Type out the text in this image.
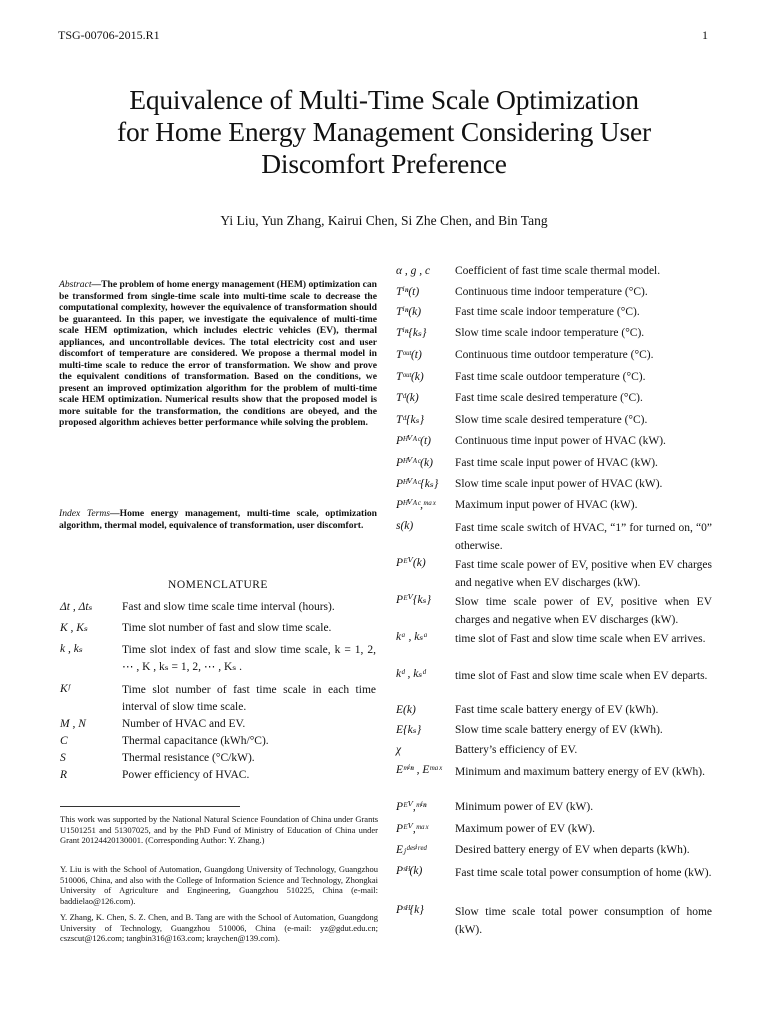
TSG-00706-2015.R1	1
Equivalence of Multi-Time Scale Optimization
for Home Energy Management Considering User
Discomfort Preference
Yi Liu, Yun Zhang, Kairui Chen, Si Zhe Chen, and Bin Tang
Abstract—The problem of home energy management (HEM) optimization can be transformed from single-time scale into multi-time scale to decrease the computational complexity, however the equivalence of transformation should be guaranteed. In this paper, we investigate the equivalence of multi-time scale HEM optimization, which includes electric vehicles (EV), thermal appliances, and uncontrollable devices. The total electricity cost and user discomfort of temperature are considered. We propose a thermal model in multi-time scale to reduce the error of transformation. We show and prove the equivalent conditions of transformation. Based on the conditions, we present an improved optimization algorithm for the problem of multi-time scale HEM optimization. Numerical results show that the proposed model is more suitable for the transformation, the conditions are obeyed, and the proposed algorithm achieves better performance while solving the problem.
Index Terms—Home energy management, multi-time scale, optimization algorithm, thermal model, equivalence of transformation, user discomfort.
NOMENCLATURE
Δt , Δtₛ	Fast and slow time scale time interval (hours).
K , Kₛ	Time slot number of fast and slow time scale.
k , kₛ	Time slot index of fast and slow time scale, k = 1, 2, ⋯ , K , kₛ = 1, 2, ⋯ , Kₛ .
Kᶠ	Time slot number of fast time scale in each time interval of slow time scale.
M , N	Number of HVAC and EV.
C	Thermal capacitance (kWh/°C).
S	Thermal resistance (°C/kW).
R	Power efficiency of HVAC.
This work was supported by the National Natural Science Foundation of China under Grants U1501251 and 51307025, and by the PhD Fund of Ministry of Education of China under Grant 20124420130001. (Corresponding Author: Y. Zhang.)
Y. Liu is with the School of Automation, Guangdong University of Technology, Guangzhou 510006, China, and also with the College of Information Science and Technology, Zhongkai University of Agriculture and Engineering, Guangzhou 510225, China (e-mail: baddielao@126.com).
Y. Zhang, K. Chen, S. Z. Chen, and B. Tang are with the School of Automation, Guangdong University of Technology, Guangzhou 510006, China (e-mail: yz@gdut.edu.cn; cszscut@126.com; tangbin316@163.com; kraychen@139.com).
α , g , c	Coefficient of fast time scale thermal model.
Tⁱⁿ(t)	Continuous time indoor temperature (°C).
Tⁱⁿ(k)	Fast time scale indoor temperature (°C).
Tⁱⁿ{kₛ}	Slow time scale indoor temperature (°C).
Tᵒᵘᵗ(t)	Continuous time outdoor temperature (°C).
Tᵒᵘᵗ(k)	Fast time scale outdoor temperature (°C).
Tᵈ(k)	Fast time scale desired temperature (°C).
Tᵈ{kₛ}	Slow time scale desired temperature (°C).
Pᴴⱽᴬᶜ(t)	Continuous time input power of HVAC (kW).
Pᴴⱽᴬᶜ(k)	Fast time scale input power of HVAC (kW).
Pᴴⱽᴬᶜ{kₛ}	Slow time scale input power of HVAC (kW).
Pᴴⱽᴬᶜ,ᵐᵃˣ	Maximum input power of HVAC (kW).
s(k)	Fast time scale switch of HVAC, “1” for turned on, “0” otherwise.
Pᴱⱽ(k)	Fast time scale power of EV, positive when EV charges and negative when EV discharges (kW).
Pᴱⱽ{kₛ}	Slow time scale power of EV, positive when EV charges and negative when EV discharges (kW).
kᵃ , kₛᵃ	time slot of Fast and slow time scale when EV arrives.
kᵈ , kₛᵈ	time slot of Fast and slow time scale when EV departs.
E(k)	Fast time scale battery energy of EV (kWh).
E{kₛ}	Slow time scale battery energy of EV (kWh).
χ	Battery’s efficiency of EV.
Eᵐⁱⁿ , Eᵐᵃˣ	Minimum and maximum battery energy of EV (kWh).
Pᴱⱽ,ᵐⁱⁿ	Minimum power of EV (kW).
Pᴱⱽ,ᵐᵃˣ	Maximum power of EV (kW).
Eⱼᵈᵉˢⁱʳᵉᵈ	Desired battery energy of EV when departs (kWh).
Pˢᴴ(k)	Fast time scale total power consumption of home (kW).
Pˢᴴ{k}	Slow time scale total power consumption of home (kW).
